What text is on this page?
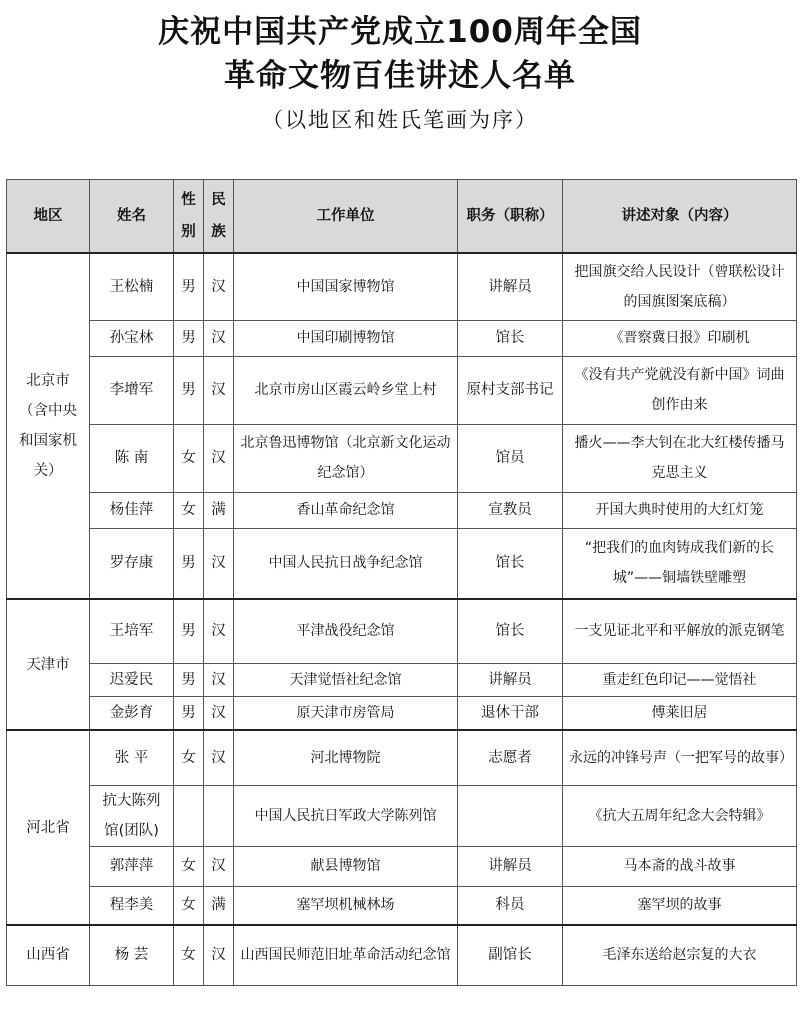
庆祝中国共产党成立100周年全国
革命文物百佳讲述人名单
（以地区和姓氏笔画为序）
地区	姓名	性别	民族	工作单位	职务（职称）	讲述对象（内容）
北京市（含中央和国家机关）	王松楠	男	汉	中国国家博物馆	讲解员	把国旗交给人民设计（曾联松设计的国旗图案底稿）
	孙宝林	男	汉	中国印刷博物馆	馆长	《晋察冀日报》印刷机
	李增军	男	汉	北京市房山区霞云岭乡堂上村	原村支部书记	《没有共产党就没有新中国》词曲创作由来
	陈 南	女	汉	北京鲁迅博物馆（北京新文化运动纪念馆）	馆员	播火——李大钊在北大红楼传播马克思主义
	杨佳萍	女	满	香山革命纪念馆	宣教员	开国大典时使用的大红灯笼
	罗存康	男	汉	中国人民抗日战争纪念馆	馆长	“把我们的血肉铸成我们新的长城”——铜墙铁壁雕塑
天津市	王培军	男	汉	平津战役纪念馆	馆长	一支见证北平和平解放的派克钢笔
	迟爱民	男	汉	天津觉悟社纪念馆	讲解员	重走红色印记——觉悟社
	金彭育	男	汉	原天津市房管局	退休干部	傅莱旧居
河北省	张 平	女	汉	河北博物院	志愿者	永远的冲锋号声（一把军号的故事）
	抗大陈列馆(团队)			中国人民抗日军政大学陈列馆		《抗大五周年纪念大会特辑》
	郭萍萍	女	汉	献县博物馆	讲解员	马本斋的战斗故事
	程李美	女	满	塞罕坝机械林场	科员	塞罕坝的故事
山西省	杨 芸	女	汉	山西国民师范旧址革命活动纪念馆	副馆长	毛泽东送给赵宗复的大衣
